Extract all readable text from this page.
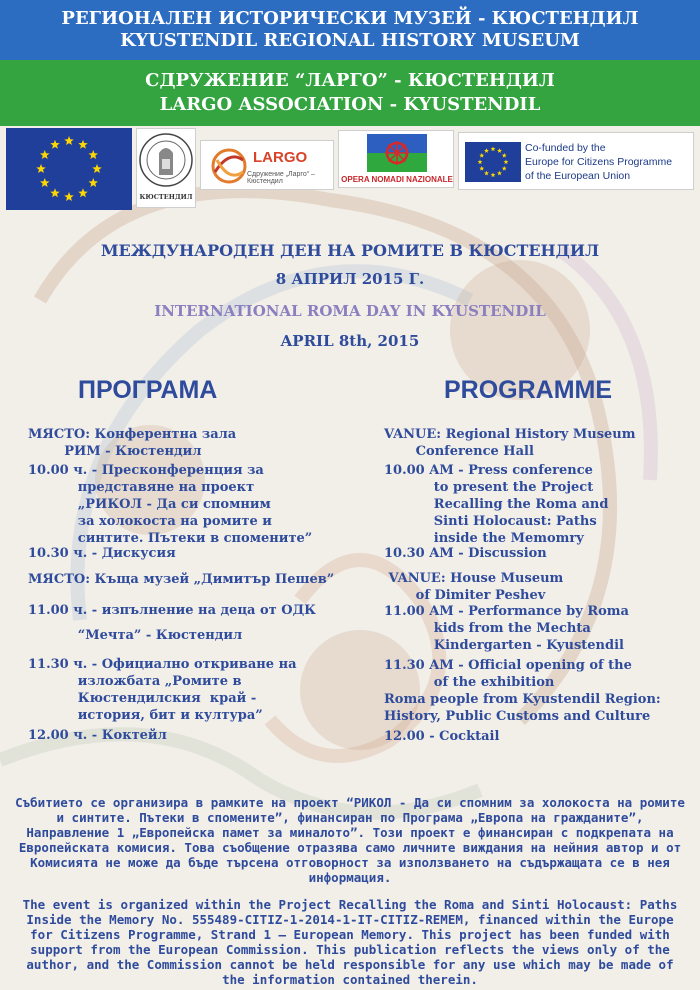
РЕГИОНАЛЕН ИСТОРИЧЕСКИ МУЗЕЙ - КЮСТЕНДИЛ
KYUSTENDIL REGIONAL HISTORY MUSEUM
СДРУЖЕНИЕ “ЛАРГО” - КЮСТЕНДИЛ
LARGO ASSOCIATION - KYUSTENDIL
КЮСТЕНДИЛ
LARGO
Сдружение „Ларго“ – Кюстендил	OPERA NOMADI NAZIONALE
Co-funded by the
Europe for Citizens Programme
of the European Union
МЕЖДУНАРОДЕН ДЕН НА РОМИТЕ В КЮСТЕНДИЛ
8 АПРИЛ 2015 Г.
INTERNATIONAL ROMA DAY IN KYUSTENDIL
APRIL 8th, 2015
ПРОГРАМА	PROGRAMME
МЯСТО: Конферентна зала
РИМ - Кюстендил
10.00 ч. - Пресконференция за
представяне на проект
„РИКОЛ - Да си спомним
за холокоста на ромите и
синтите. Пътеки в спомените”
10.30 ч. - Дискусия
МЯСТО: Къща музей „Димитър Пешев”
11.00 ч. - изпълнение на деца от ОДК
“Мечта” - Кюстендил
11.30 ч. - Официално откриване на
изложбата „Ромите в
Кюстендилския  край -
история, бит и култура”
12.00 ч. - Коктейл
VANUE: Regional History Museum
Conference Hall
10.00 AM - Press conference
to present the Project
Recalling the Roma and
Sinti Holocaust: Paths
inside the Memomry
10.30 AM - Discussion
VANUE: House Museum
of Dimiter Peshev
11.00 AM - Performance by Roma
kids from the Mechta
Kindergarten - Kyustendil
11.30 AM - Official opening of the
of the exhibition
Roma people from Kyustendil Region:
History, Public Customs and Culture
12.00 - Cocktail
Събитието се организира в рамките на проект “РИКОЛ - Да си спомним за холокоста на ромите и синтите. Пътеки в спомените”, финансиран по Програма „Европа на гражданите”, Направление 1 „Европейска памет за миналото”. Този проект е финансиран с подкрепата на Европейската комисия. Това съобщение отразява само личните виждания на нейния автор и от Комисията не може да бъде търсена отговорност за използването на съдържащата се в нея информация.
The event is organized within the Project Recalling the Roma and Sinti Holocaust: Paths Inside the Memory No. 555489-CITIZ-1-2014-1-IT-CITIZ-REMEM, financed within the Europe for Citizens Programme, Strand 1 – European Memory. This project has been funded with support from the European Commission. This publication reflects the views only of the author, and the Commission cannot be held responsible for any use which may be made of the information contained therein.
